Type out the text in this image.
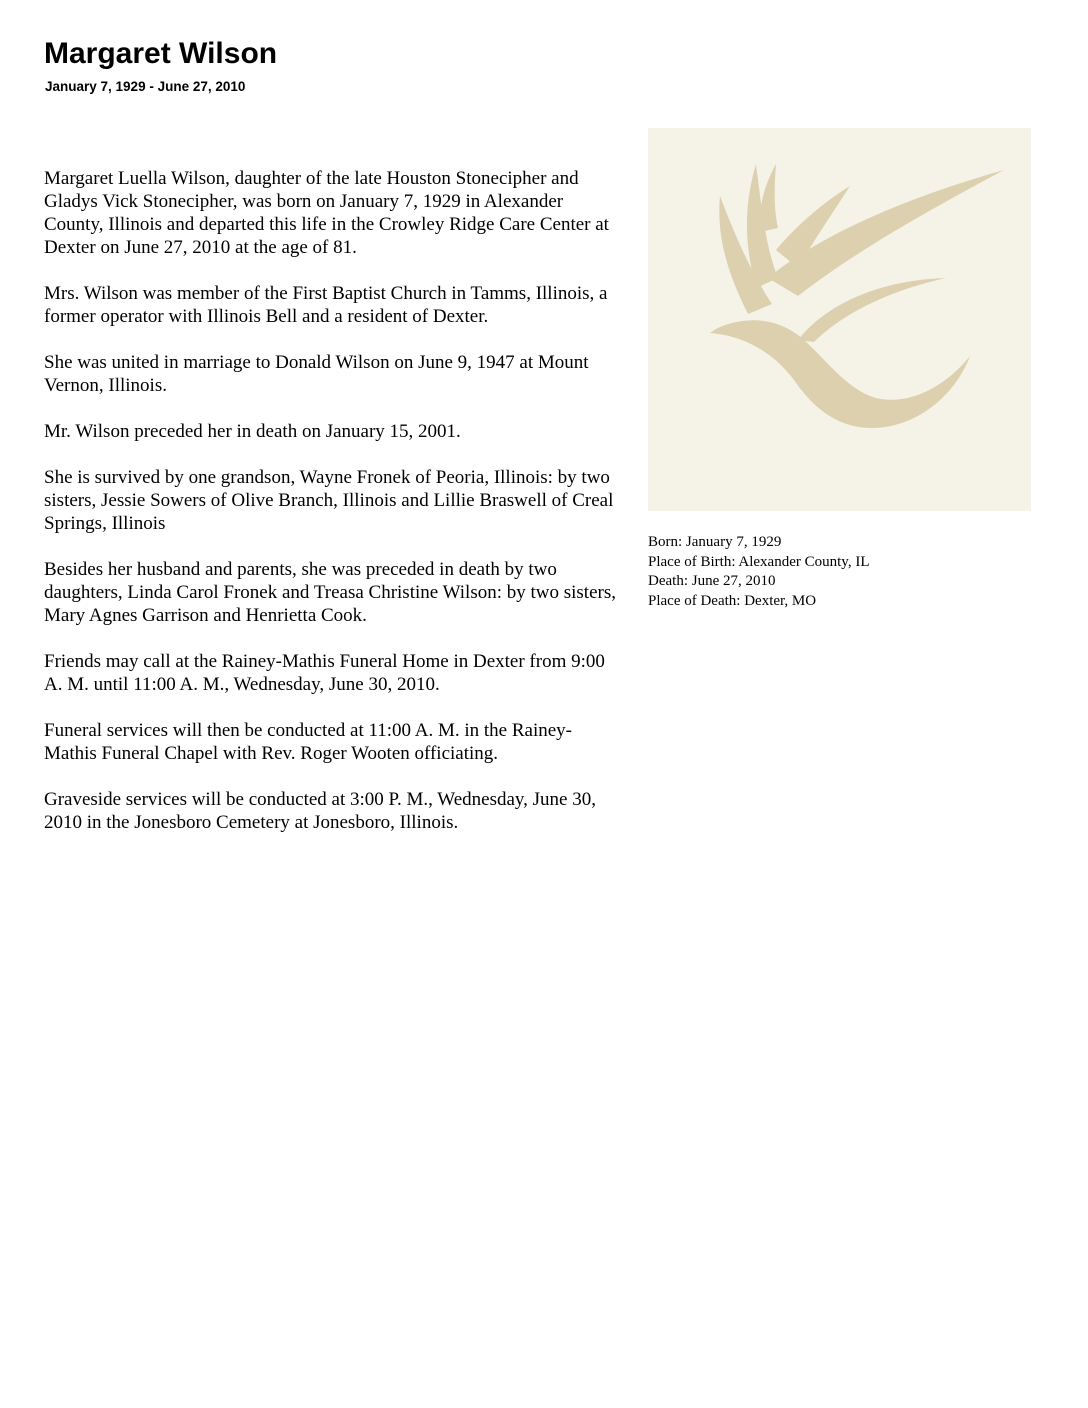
Margaret Wilson
January 7, 1929 - June 27, 2010

Margaret Luella Wilson, daughter of the late Houston Stonecipher and Gladys Vick Stonecipher, was born on January 7, 1929 in Alexander County, Illinois and departed this life in the Crowley Ridge Care Center at Dexter on June 27, 2010 at the age of 81.

Mrs. Wilson was member of the First Baptist Church in Tamms, Illinois, a former operator with Illinois Bell and a resident of Dexter.

She was united in marriage to Donald Wilson on June 9, 1947 at Mount Vernon, Illinois.

Mr. Wilson preceded her in death on January 15, 2001.

She is survived by one grandson, Wayne Fronek of Peoria, Illinois: by two sisters, Jessie Sowers of Olive Branch, Illinois and Lillie Braswell of Creal Springs, Illinois

Besides her husband and parents, she was preceded in death by two daughters, Linda Carol Fronek and Treasa Christine Wilson: by two sisters, Mary Agnes Garrison and Henrietta Cook.

Friends may call at the Rainey-Mathis Funeral Home in Dexter from 9:00 A. M. until 11:00 A. M., Wednesday, June 30, 2010.

Funeral services will then be conducted at 11:00 A. M. in the Rainey-Mathis Funeral Chapel with Rev. Roger Wooten officiating.

Graveside services will be conducted at 3:00 P. M., Wednesday, June 30, 2010 in the Jonesboro Cemetery at Jonesboro, Illinois.

Born: January 7, 1929
Place of Birth: Alexander County, IL
Death: June 27, 2010
Place of Death: Dexter, MO
